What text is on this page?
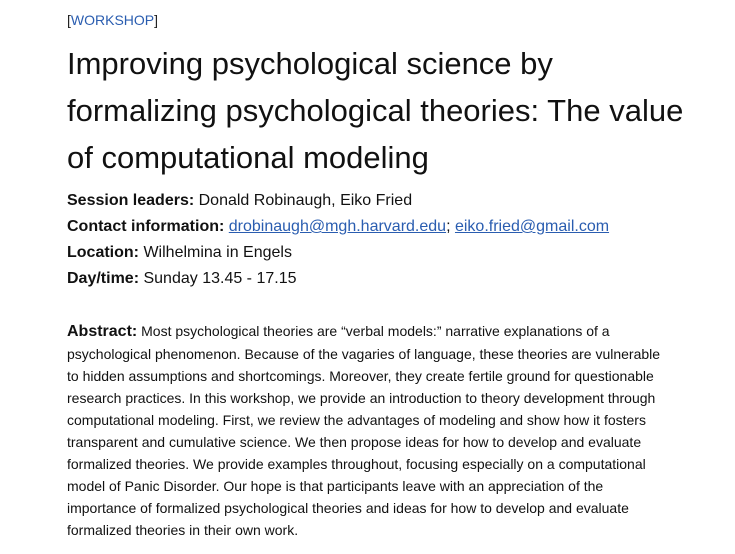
[WORKSHOP]
Improving psychological science by formalizing psychological theories: The value of computational modeling
Session leaders: Donald Robinaugh, Eiko Fried
Contact information: drobinaugh@mgh.harvard.edu; eiko.fried@gmail.com
Location: Wilhelmina in Engels
Day/time: Sunday 13.45 - 17.15

Abstract: Most psychological theories are “verbal models:” narrative explanations of a psychological phenomenon. Because of the vagaries of language, these theories are vulnerable to hidden assumptions and shortcomings. Moreover, they create fertile ground for questionable research practices. In this workshop, we provide an introduction to theory development through computational modeling. First, we review the advantages of modeling and show how it fosters transparent and cumulative science. We then propose ideas for how to develop and evaluate formalized theories. We provide examples throughout, focusing especially on a computational model of Panic Disorder. Our hope is that participants leave with an appreciation of the importance of formalized psychological theories and ideas for how to develop and evaluate formalized theories in their own work.
